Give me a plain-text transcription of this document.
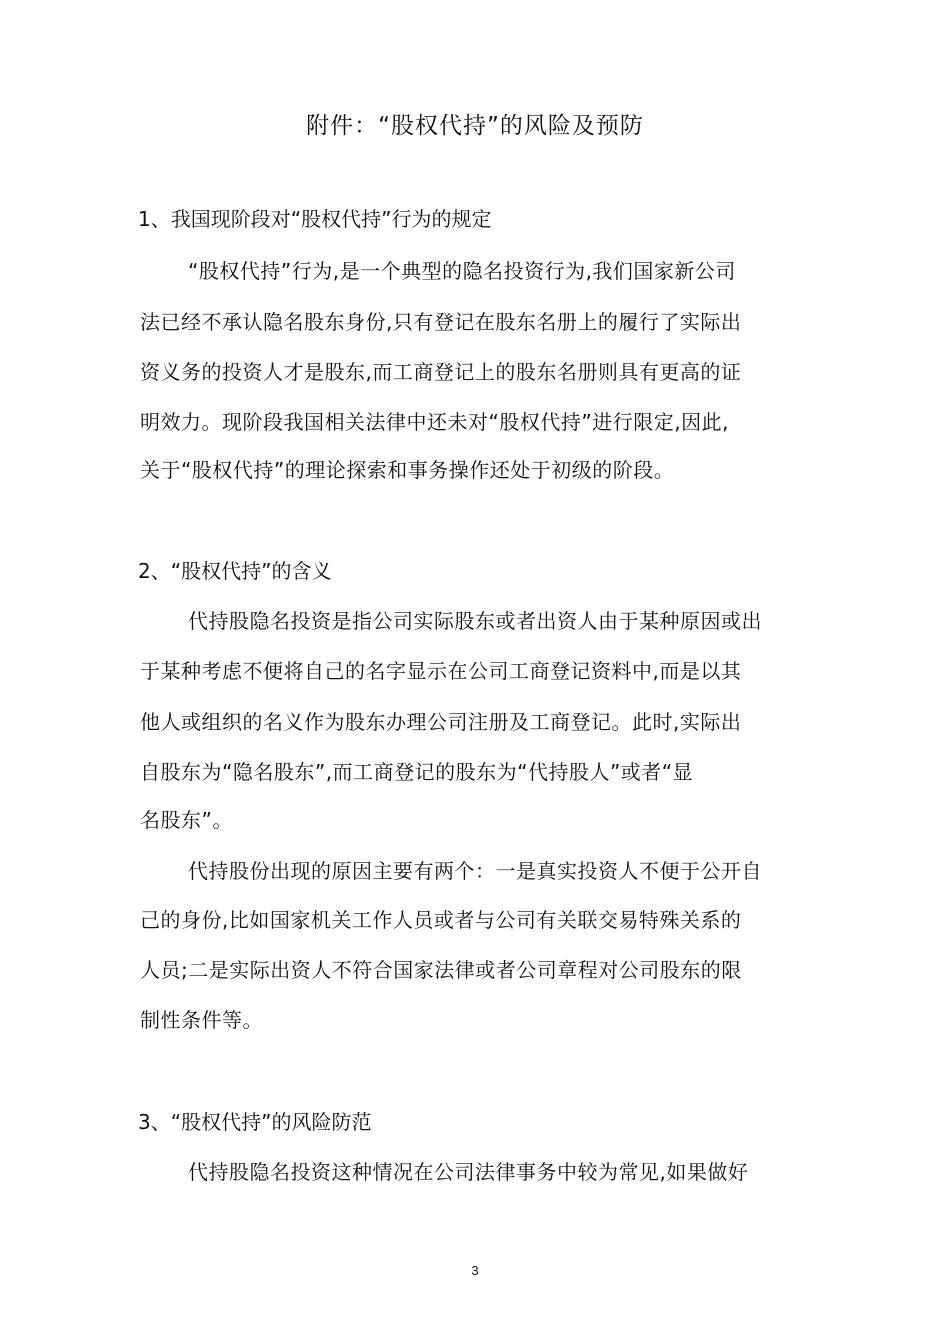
附件：“股权代持”的风险及预防
1、我国现阶段对“股权代持”行为的规定
“股权代持”行为,是一个典型的隐名投资行为,我们国家新公司
法已经不承认隐名股东身份,只有登记在股东名册上的履行了实际出
资义务的投资人才是股东,而工商登记上的股东名册则具有更高的证
明效力。现阶段我国相关法律中还未对“股权代持”进行限定,因此,
关于“股权代持”的理论探索和事务操作还处于初级的阶段。
2、“股权代持”的含义
代持股隐名投资是指公司实际股东或者出资人由于某种原因或出
于某种考虑不便将自己的名字显示在公司工商登记资料中,而是以其
他人或组织的名义作为股东办理公司注册及工商登记。此时,实际出
自股东为“隐名股东”,而工商登记的股东为“代持股人”或者“显
名股东”。
代持股份出现的原因主要有两个：一是真实投资人不便于公开自
己的身份,比如国家机关工作人员或者与公司有关联交易特殊关系的
人员;二是实际出资人不符合国家法律或者公司章程对公司股东的限
制性条件等。
3、“股权代持”的风险防范
代持股隐名投资这种情况在公司法律事务中较为常见,如果做好
3
